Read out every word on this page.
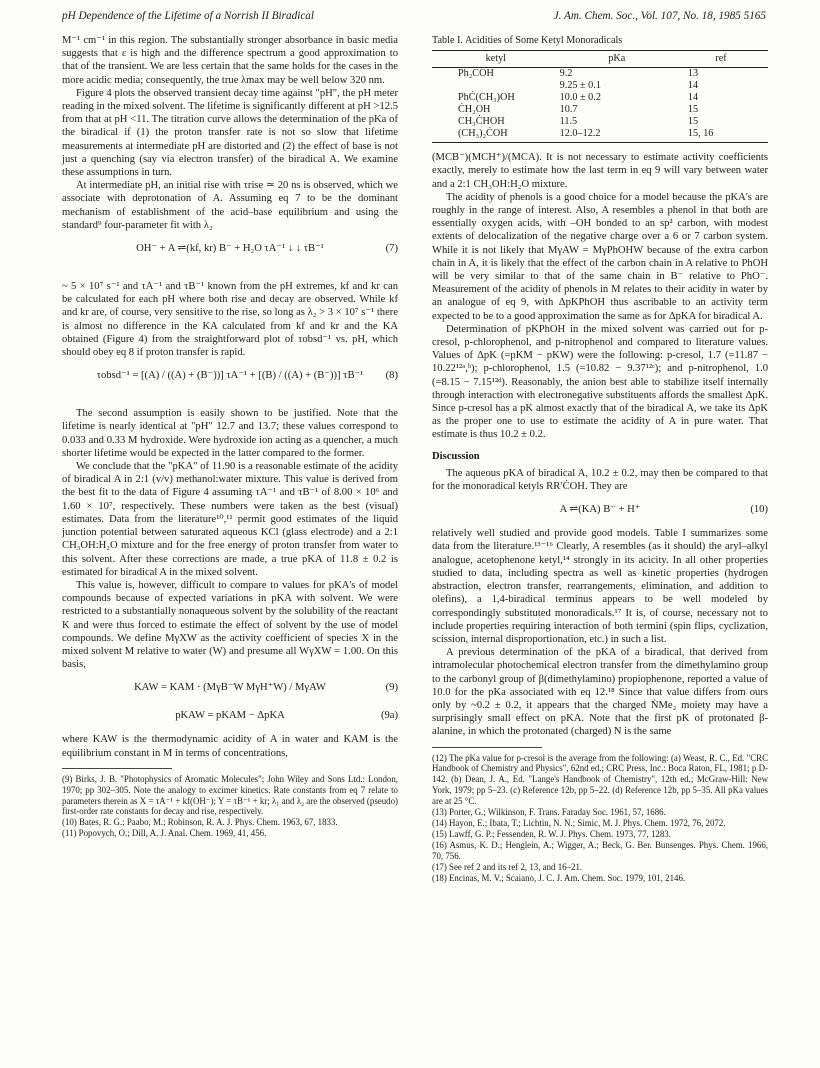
pH Dependence of the Lifetime of a Norrish II Biradical	J. Am. Chem. Soc., Vol. 107, No. 18, 1985 5165

M⁻¹ cm⁻¹ in this region. The substantially stronger absorbance in basic media suggests that ε is high and the difference spectrum a good approximation to that of the transient. We are less certain that the same holds for the cases in the more acidic media; consequently, the true λmax may be well below 320 nm.

Figure 4 plots the observed transient decay time against "pH", the pH meter reading in the mixed solvent. The lifetime is significantly different at pH >12.5 from that at pH <11. The titration curve allows the determination of the pKa of the biradical if (1) the proton transfer rate is not so slow that lifetime measurements at intermediate pH are distorted and (2) the effect of base is not just a quenching (say via electron transfer) of the biradical A. We examine these assumptions in turn.

At intermediate pH, an initial rise with τrise ≃ 20 ns is observed, which we associate with deprotonation of A. Assuming eq 7 to be the dominant mechanism of establishment of the acid–base equilibrium and using the standard⁹ four-parameter fit with λ₂

OH⁻ + A ⇌(kf, kr) B⁻ + H₂O τA⁻¹ ↓ ↓ τB⁻¹	(7)

~ 5 × 10⁷ s⁻¹ and τA⁻¹ and τB⁻¹ known from the pH extremes, kf and kr can be calculated for each pH where both rise and decay are observed. While kf and kr are, of course, very sensitive to the rise, so long as λ₂ > 3 × 10⁷ s⁻¹ there is almost no difference in the KA calculated from kf and kr and the KA obtained (Figure 4) from the straightforward plot of τobsd⁻¹ vs. pH, which should obey eq 8 if proton transfer is rapid.

τobsd⁻¹ = [(A) / ((A) + (B⁻))] τA⁻¹ + [(B) / ((A) + (B⁻))] τB⁻¹	(8)

The second assumption is easily shown to be justified. Note that the lifetime is nearly identical at "pH" 12.7 and 13.7; these values correspond to 0.033 and 0.33 M hydroxide. Were hydroxide ion acting as a quencher, a much shorter lifetime would be expected in the latter compared to the former.

We conclude that the "pKA" of 11.90 is a reasonable estimate of the acidity of biradical A in 2:1 (v/v) methanol:water mixture. This value is derived from the best fit to the data of Figure 4 assuming τA⁻¹ and τB⁻¹ of 8.00 × 10⁶ and 1.60 × 10⁷, respectively. These numbers were taken as the best (visual) estimates. Data from the literature¹⁰,¹¹ permit good estimates of the liquid junction potential between saturated aqueous KCl (glass electrode) and a 2:1 CH₃OH:H₂O mixture and for the free energy of proton transfer from water to this solvent. After these corrections are made, a true pKA of 11.8 ± 0.2 is estimated for biradical A in the mixed solvent.

This value is, however, difficult to compare to values for pKA's of model compounds because of expected variations in pKA with solvent. We were restricted to a substantially nonaqueous solvent by the solubility of the reactant K and were thus forced to estimate the effect of solvent by the use of model compounds. We define MγXW as the activity coefficient of species X in the mixed solvent M relative to water (W) and presume all WγXW = 1.00. On this basis,

KAW = KAM · (MγB⁻W MγH⁺W) / MγAW	(9)
pKAW = pKAM − ΔpKA	(9a)

where KAW is the thermodynamic acidity of A in water and KAM is the equilibrium constant in M in terms of concentrations,

(9) Birks, J. B. "Photophysics of Aromatic Molecules"; John Wiley and Sons Ltd.: London, 1970; pp 302–305. Note the analogy to excimer kinetics. Rate constants from eq 7 relate to parameters therein as X = τA⁻¹ + kf(OH⁻); Y = τB⁻¹ + kr; λ₁ and λ₂ are the observed (pseudo) first-order rate constants for decay and rise, respectively.
(10) Bates, R. G.; Paabo, M.; Robinson, R. A. J. Phys. Chem. 1963, 67, 1833.
(11) Popovych, O.; Dill, A. J. Anal. Chem. 1969, 41, 456.
Table I. Acidities of Some Ketyl Monoradicals
ketyl	pKa	ref
Ph₂ĊOH	9.2	13
	9.25 ± 0.1	14
PhĊ(CH₃)OH	10.0 ± 0.2	14
ĊH₂OH	10.7	15
CH₃ĊHOH	11.5	15
(CH₃)₂ĊOH	12.0–12.2	15, 16

(MCB⁻)(MCH⁺)/(MCA). It is not necessary to estimate activity coefficients exactly, merely to estimate how the last term in eq 9 will vary between water and a 2:1 CH₃OH:H₂O mixture.

The acidity of phenols is a good choice for a model because the pKA's are roughly in the range of interest. Also, A resembles a phenol in that both are essentially oxygen acids, with –OH bonded to an sp² carbon, with modest extents of delocalization of the negative charge over a 6 or 7 carbon system. While it is not likely that MγAW = MγPhOHW because of the extra carbon chain in A, it is likely that the effect of the carbon chain in A relative to PhOH will be very similar to that of the same chain in B⁻ relative to PhO⁻. Measurement of the acidity of phenols in M relates to their acidity in water by an analogue of eq 9, with ΔpKPhOH thus ascribable to an activity term expected to be to a good approximation the same as for ΔpKA for biradical A.

Determination of pKPhOH in the mixed solvent was carried out for p-cresol, p-chlorophenol, and p-nitrophenol and compared to literature values. Values of ΔpK (=pKM − pKW) were the following: p-cresol, 1.7 (=11.87 − 10.22¹²ᵃ,ᵇ); p-chlorophenol, 1.5 (=10.82 − 9.37¹²ᶜ); and p-nitrophenol, 1.0 (=8.15 − 7.15¹²ᵈ). Reasonably, the anion best able to stabilize itself internally through interaction with electronegative substituents affords the smallest ΔpK. Since p-cresol has a pK almost exactly that of the biradical A, we take its ΔpK as the proper one to use to estimate the acidity of A in pure water. That estimate is thus 10.2 ± 0.2.

Discussion

The aqueous pKA of biradical A, 10.2 ± 0.2, may then be compared to that for the monoradical ketyls RR′ĊOH. They are

A ⇌(KA) B⁻ + H⁺	(10)

relatively well studied and provide good models. Table I summarizes some data from the literature.¹³⁻¹⁶ Clearly, A resembles (as it should) the aryl–alkyl analogue, acetophenone ketyl,¹⁴ strongly in its acicity. In all other properties studied to data, including spectra as well as kinetic properties (hydrogen abstraction, electron transfer, rearrangements, elimination, and addition to olefins), a 1,4-biradical terminus appears to be well modeled by correspondingly substituted monoradicals.¹⁷ It is, of course, necessary not to include properties requiring interaction of both termini (spin flips, cyclization, scission, internal disproportionation, etc.) in such a list.

A previous determination of the pKA of a biradical, that derived from intramolecular photochemical electron transfer from the dimethylamino group to the carbonyl group of β(dimethylamino) propiophenone, reported a value of 10.0 for the pKa associated with eq 12.¹⁸ Since that value differs from ours only by ~0.2 ± 0.2, it appears that the charged ṄMe₂ moiety may have a surprisingly small effect on pKA. Note that the first pK of protonated β-alanine, in which the protonated (charged) N is the same

(12) The pKa value for p-cresol is the average from the following: (a) Weast, R. C., Ed. "CRC Handbook of Chemistry and Physics", 62nd ed.; CRC Press, Inc.: Boca Raton, FL, 1981; p D-142. (b) Dean, J. A., Ed. "Lange's Handbook of Chemistry", 12th ed.; McGraw-Hill: New York, 1979; pp 5–23. (c) Reference 12b, pp 5–22. (d) Reference 12b, pp 5–35. All pKa values are at 25 °C.
(13) Porter, G.; Wilkinson, F. Trans. Faraday Soc. 1961, 57, 1686.
(14) Hayon, E.; Ibata, T.; Lichtin, N. N.; Simic, M. J. Phys. Chem. 1972, 76, 2072.
(15) Lawff, G. P.; Fessenden, R. W. J. Phys. Chem. 1973, 77, 1283.
(16) Asmus, K. D.; Henglein, A.; Wigger, A.; Beck, G. Ber. Bunsenges. Phys. Chem. 1966, 70, 756.
(17) See ref 2 and its ref 2, 13, and 16–21.
(18) Encinas, M. V.; Scaiano, J. C. J. Am. Chem. Soc. 1979, 101, 2146.
